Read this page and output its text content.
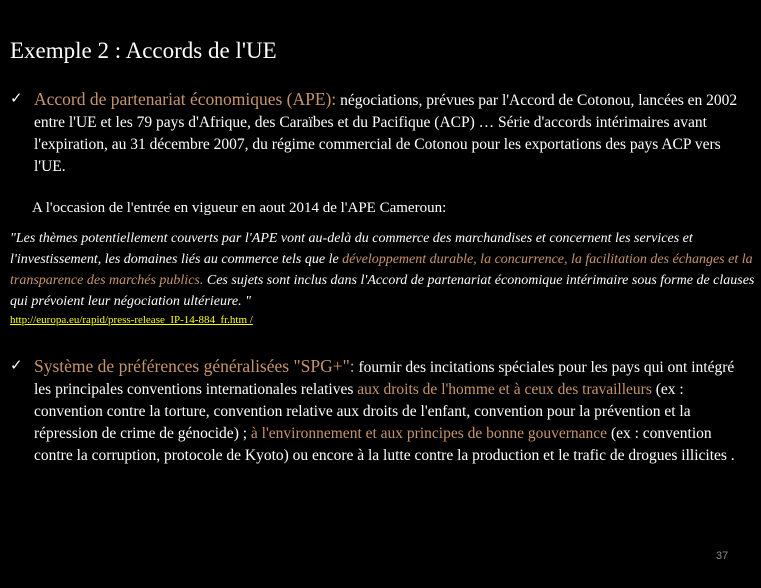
Exemple 2 : Accords de l'UE
✓ Accord de partenariat économiques (APE): négociations, prévues par l'Accord de Cotonou, lancées en 2002 entre l'UE et les 79 pays d'Afrique, des Caraïbes et du Pacifique (ACP) … Série d'accords intérimaires avant l'expiration, au 31 décembre 2007, du régime commercial de Cotonou pour les exportations des pays ACP vers l'UE.
A l'occasion de l'entrée en vigueur en aout 2014 de l'APE Cameroun:
"Les thèmes potentiellement couverts par l'APE vont au-delà du commerce des marchandises et concernent les services et l'investissement, les domaines liés au commerce tels que le développement durable, la concurrence, la facilitation des échanges et la transparence des marchés publics. Ces sujets sont inclus dans l'Accord de partenariat économique intérimaire sous forme de clauses qui prévoient leur négociation ultérieure. "
http://europa.eu/rapid/press-release_IP-14-884_fr.htm /
✓ Système de préférences généralisées "SPG+": fournir des incitations spéciales pour les pays qui ont intégré les principales conventions internationales relatives aux droits de l'homme et à ceux des travailleurs (ex : convention contre la torture, convention relative aux droits de l'enfant, convention pour la prévention et la répression de crime de génocide) ; à l'environnement et aux principes de bonne gouvernance (ex : convention contre la corruption, protocole de Kyoto) ou encore à la lutte contre la production et le trafic de drogues illicites .
37
